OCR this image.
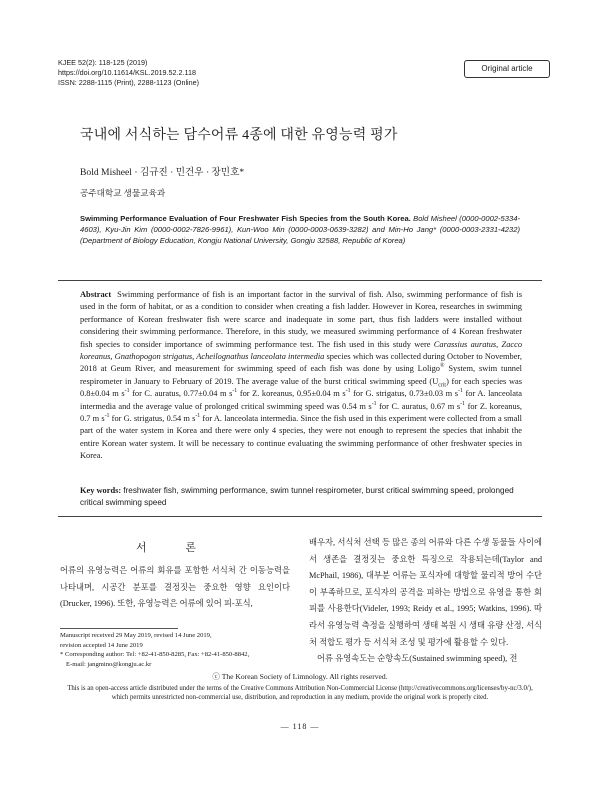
KJEE 52(2): 118-125 (2019)
https://doi.org/10.11614/KSL.2019.52.2.118
ISSN: 2288-1115 (Print), 2288-1123 (Online)
Original article
국내에 서식하는 담수어류 4종에 대한 유영능력 평가
Bold Misheel · 김규진 · 민건우 · 장민호*
공주대학교 생물교육과
Swimming Performance Evaluation of Four Freshwater Fish Species from the South Korea. Bold Misheel (0000-0002-5334-4603), Kyu-Jin Kim (0000-0002-7826-9961), Kun-Woo Min (0000-0003-0639-3282) and Min-Ho Jang* (0000-0003-2331-4232) (Department of Biology Education, Kongju National University, Gongju 32588, Republic of Korea)
Abstract Swimming performance of fish is an important factor in the survival of fish. Also, swimming performance of fish is used in the form of habitat, or as a condition to consider when creating a fish ladder. However in Korea, researches in swimming performance of Korean freshwater fish were scarce and inadequate in some part, thus fish ladders were installed without considering their swimming performance. Therefore, in this study, we measured swimming performance of 4 Korean freshwater fish species to consider importance of swimming performance test. The fish used in this study were Carassius auratus, Zacco koreanus, Gnathopogon strigatus, Acheilognathus lanceolata intermedia species which was collected during October to November, 2018 at Geum River, and measurement for swimming speed of each fish was done by using Loligo® System, swim tunnel respirometer in January to February of 2019. The average value of the burst critical swimming speed $(U_{crit})$ for each species was 0.8±0.04 m $s^{-1}$ for C. auratus, 0.77±0.04 m $s^{-1}$ for Z. koreanus, 0.95±0.04 m $s^{-1}$ for G. strigatus, 0.73±0.03 m $s^{-1}$ for A. lanceolata intermedia and the average value of prolonged critical swimming speed was 0.54 m $s^{-1}$ for C. auratus, 0.67 m $s^{-1}$ for Z. koreanus, 0.7 m $s^{-1}$ for G. strigatus, 0.54 m $s^{-1}$ for A. lanceolata intermedia. Since the fish used in this experiment were collected from a small part of the water system in Korea and there were only 4 species, they were not enough to represent the species that inhabit the entire Korean water system. It will be necessary to continue evaluating the swimming performance of other freshwater species in Korea.
Key words: freshwater fish, swimming performance, swim tunnel respirometer, burst critical swimming speed, prolonged critical swimming speed
서 론
어류의 유영능력은 어류의 회유를 포함한 서식처 간 이동능력을 나타내며, 시공간 분포를 결정짓는 중요한 영향 요인이다(Drucker, 1996). 또한, 유영능력은 어류에 있어 피-포식,
배우자, 서식처 선택 등 많은 종의 어류와 다른 수생 동물들 사이에서 생존을 결정짓는 중요한 특징으로 작용되는데(Taylor and McPhail, 1986), 대부분 어류는 포식자에 대항할 물리적 방어 수단이 부족하므로, 포식자의 공격을 피하는 방법으로 유영을 통한 회피를 사용한다(Videler, 1993; Reidy et al., 1995; Watkins, 1996). 따라서 유영능력 측정을 실행하여 생태 복원 시 생태 유량 산정, 서식처 적합도 평가 등 서식처 조성 및 평가에 활용할 수 있다.
어류 유영속도는 순항속도(Sustained swimming speed), 전
Manuscript received 29 May 2019, revised 14 June 2019,
revision accepted 14 June 2019
* Corresponding author: Tel: +82-41-850-8285, Fax: +82-41-850-8842,
E-mail: jangmino@kongju.ac.kr
ⓒ The Korean Society of Limnology. All rights reserved.
This is an open-access article distributed under the terms of the Creative Commons Attribution Non-Commercial License (http://creativecommons.org/licenses/by-nc/3.0/),
which permits unrestricted non-commercial use, distribution, and reproduction in any medium, provide the original work is properly cited.
— 118 —
